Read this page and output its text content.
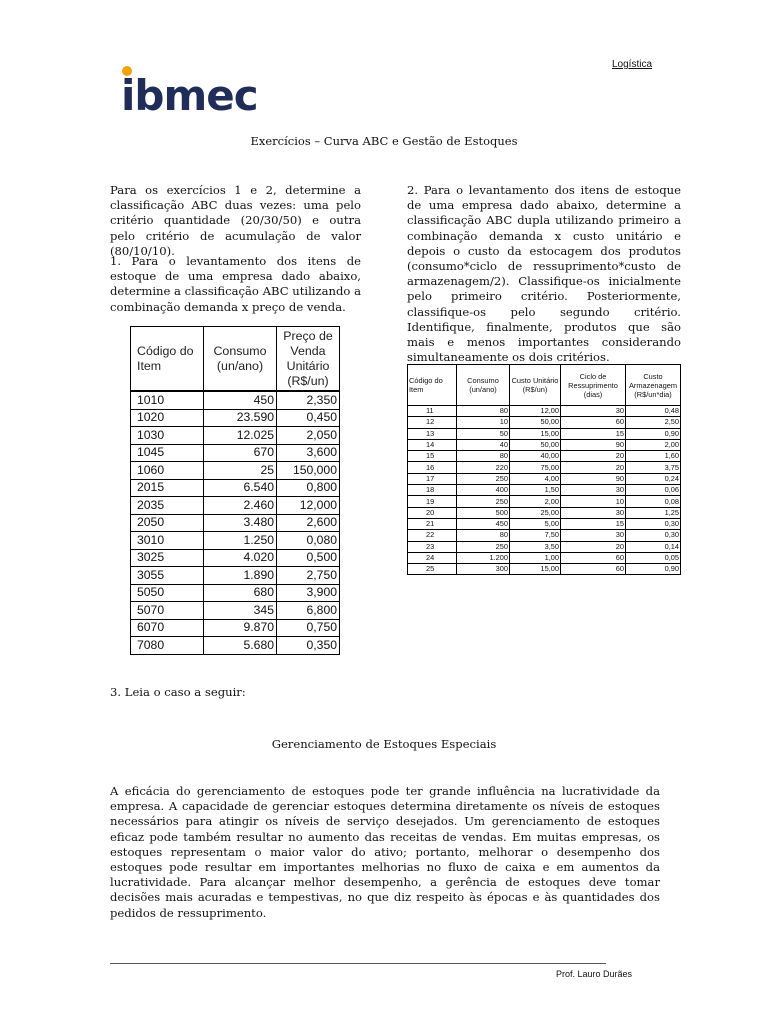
ibmec
Logística
Exercícios – Curva ABC e Gestão de Estoques
Para os exercícios 1 e 2, determine a classificação ABC duas vezes: uma pelo critério quantidade (20/30/50) e outra pelo critério de acumulação de valor (80/10/10).
1. Para o levantamento dos itens de estoque de uma empresa dado abaixo, determine a classificação ABC utilizando a combinação demanda x preço de venda.
2. Para o levantamento dos itens de estoque de uma empresa dado abaixo, determine a classificação ABC dupla utilizando primeiro a combinação demanda x custo unitário e depois o custo da estocagem dos produtos (consumo*ciclo de ressuprimento*custo de armazenagem/2). Classifique-os inicialmente pelo primeiro critério. Posteriormente, classifique-os pelo segundo critério. Identifique, finalmente, produtos que são mais e menos importantes considerando simultaneamente os dois critérios.
Código do Item	Consumo (un/ano)	Preço de Venda Unitário (R$/un)
1010	450	2,350
1020	23.590	0,450
1030	12.025	2,050
1045	670	3,600
1060	25	150,000
2015	6.540	0,800
2035	2.460	12,000
2050	3.480	2,600
3010	1.250	0,080
3025	4.020	0,500
3055	1.890	2,750
5050	680	3,900
5070	345	6,800
6070	9.870	0,750
7080	5.680	0,350
Código do Item	Consumo (un/ano)	Custo Unitário (R$/un)	Ciclo de Ressuprimento (dias)	Custo Armazenagem (R$/un*dia)
11	80	12,00	30	0,48
12	10	50,00	60	2,50
13	50	15,00	15	0,90
14	40	50,00	90	2,00
15	80	40,00	20	1,60
16	220	75,00	20	3,75
17	250	4,00	90	0,24
18	400	1,50	30	0,06
19	250	2,00	10	0,08
20	500	25,00	30	1,25
21	450	5,00	15	0,30
22	80	7,50	30	0,30
23	250	3,50	20	0,14
24	1.200	1,00	60	0,05
25	300	15,00	60	0,90
3. Leia o caso a seguir:
Gerenciamento de Estoques Especiais
A eficácia do gerenciamento de estoques pode ter grande influência na lucratividade da empresa. A capacidade de gerenciar estoques determina diretamente os níveis de estoques necessários para atingir os níveis de serviço desejados. Um gerenciamento de estoques eficaz pode também resultar no aumento das receitas de vendas. Em muitas empresas, os estoques representam o maior valor do ativo; portanto, melhorar o desempenho dos estoques pode resultar em importantes melhorias no fluxo de caixa e em aumentos da lucratividade. Para alcançar melhor desempenho, a gerência de estoques deve tomar decisões mais acuradas e tempestivas, no que diz respeito às épocas e às quantidades dos pedidos de ressuprimento.
Prof. Lauro Durães
